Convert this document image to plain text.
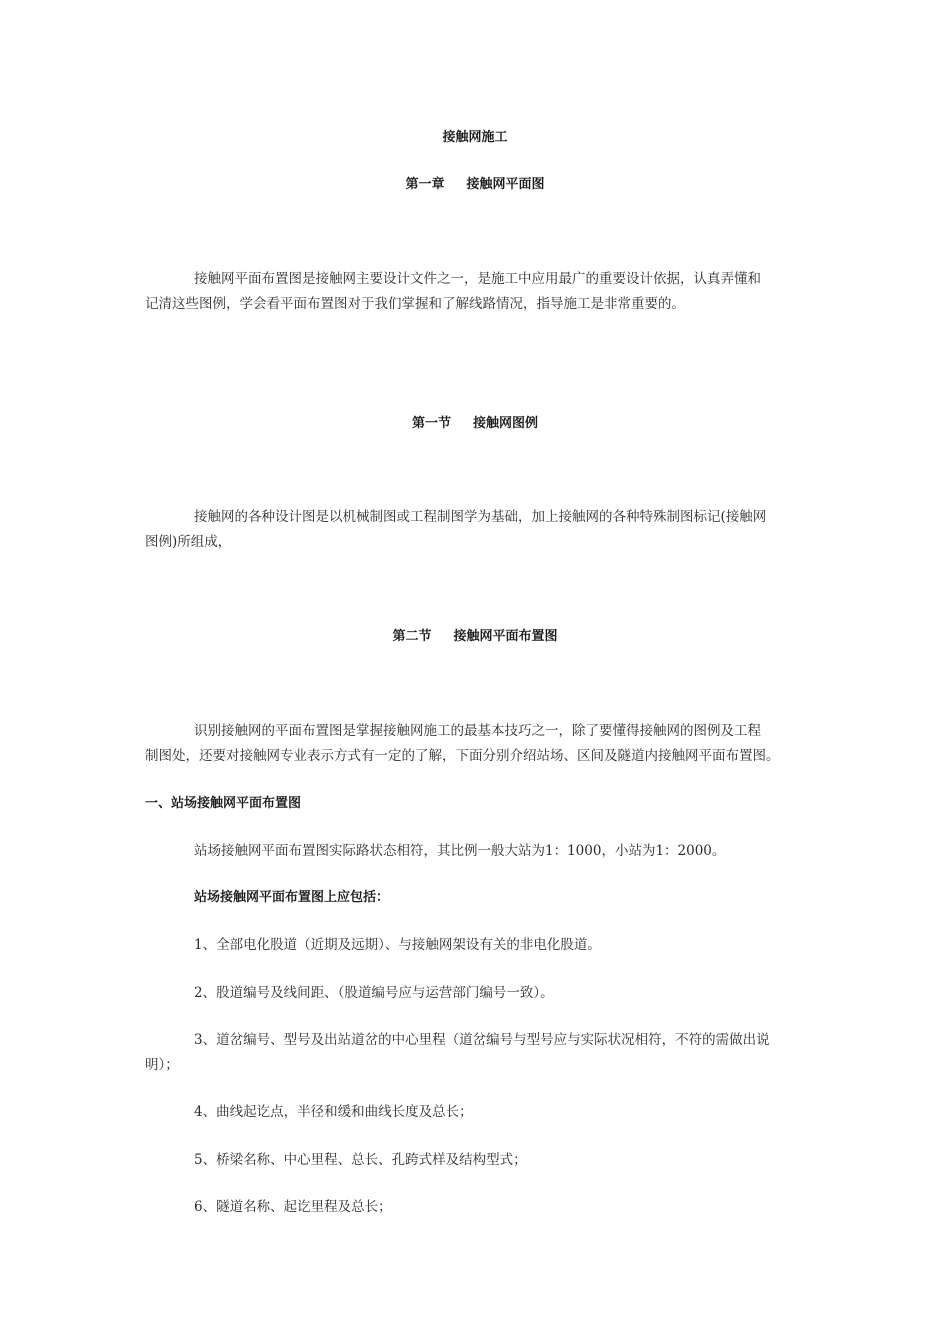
接触网施工
第一章 接触网平面图
接触网平面布置图是接触网主要设计文件之一，是施工中应用最广的重要设计依据，认真弄懂和
记清这些图例，学会看平面布置图对于我们掌握和了解线路情况，指导施工是非常重要的。
第一节 接触网图例
接触网的各种设计图是以机械制图或工程制图学为基础，加上接触网的各种特殊制图标记(接触网
图例)所组成，
第二节 接触网平面布置图
识别接触网的平面布置图是掌握接触网施工的最基本技巧之一，除了要懂得接触网的图例及工程
制图处，还要对接触网专业表示方式有一定的了解，下面分别介绍站场、区间及隧道内接触网平面布置图。
一、站场接触网平面布置图
站场接触网平面布置图实际路状态相符，其比例一般大站为1：1000，小站为1：2000。
站场接触网平面布置图上应包括：
1、全部电化股道（近期及远期）、与接触网架设有关的非电化股道。
2、股道编号及线间距、（股道编号应与运营部门编号一致）。
3、道岔编号、型号及出站道岔的中心里程（道岔编号与型号应与实际状况相符，不符的需做出说
明）；
4、曲线起讫点，半径和缓和曲线长度及总长；
5、桥梁名称、中心里程、总长、孔跨式样及结构型式；
6、隧道名称、起讫里程及总长；
